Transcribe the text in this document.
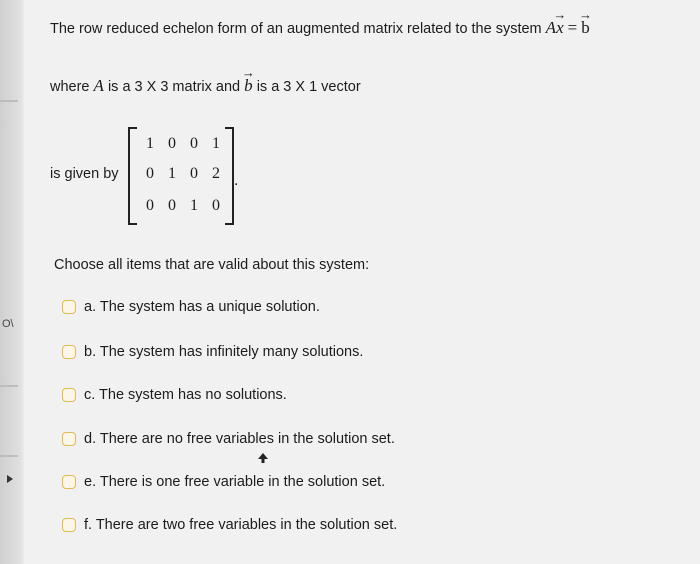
O\
The row reduced echelon form of an augmented matrix related to the system A→ x = → b
where A is a 3 X 3 matrix and → b is a 3 X 1 vector
is given by
1 0 0 1
0 1 0 2
0 0 1 0
.
Choose all items that are valid about this system:
a. The system has a unique solution.
b. The system has infinitely many solutions.
c. The system has no solutions.
d. There are no free variables in the solution set.
e. There is one free variable in the solution set.
f. There are two free variables in the solution set.
